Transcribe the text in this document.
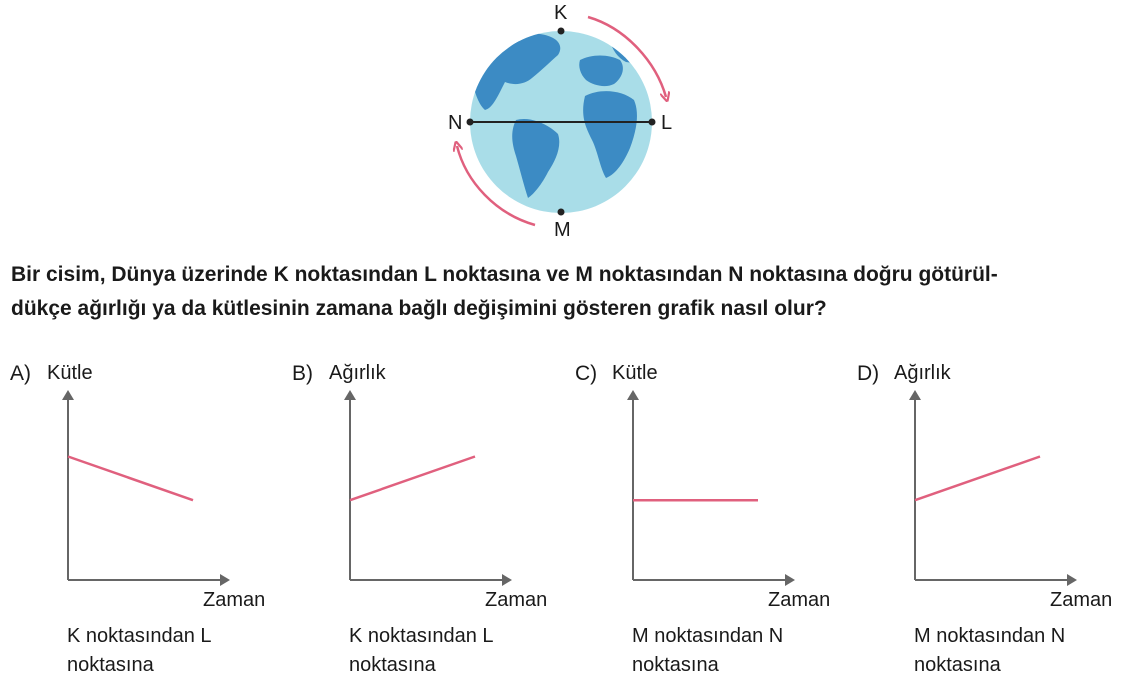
K
L
M
N
Bir cisim, Dünya üzerinde K noktasından L noktasına ve M noktasından N noktasına doğru götürül-
dükçe ağırlığı ya da kütlesinin zamana bağlı değişimini gösteren grafik nasıl olur?
A) Kütle
Zaman
K noktasından L
noktasına
B) Ağırlık
Zaman
K noktasından L
noktasına
C) Kütle
Zaman
M noktasından N
noktasına
D) Ağırlık
Zaman
M noktasından N
noktasına
